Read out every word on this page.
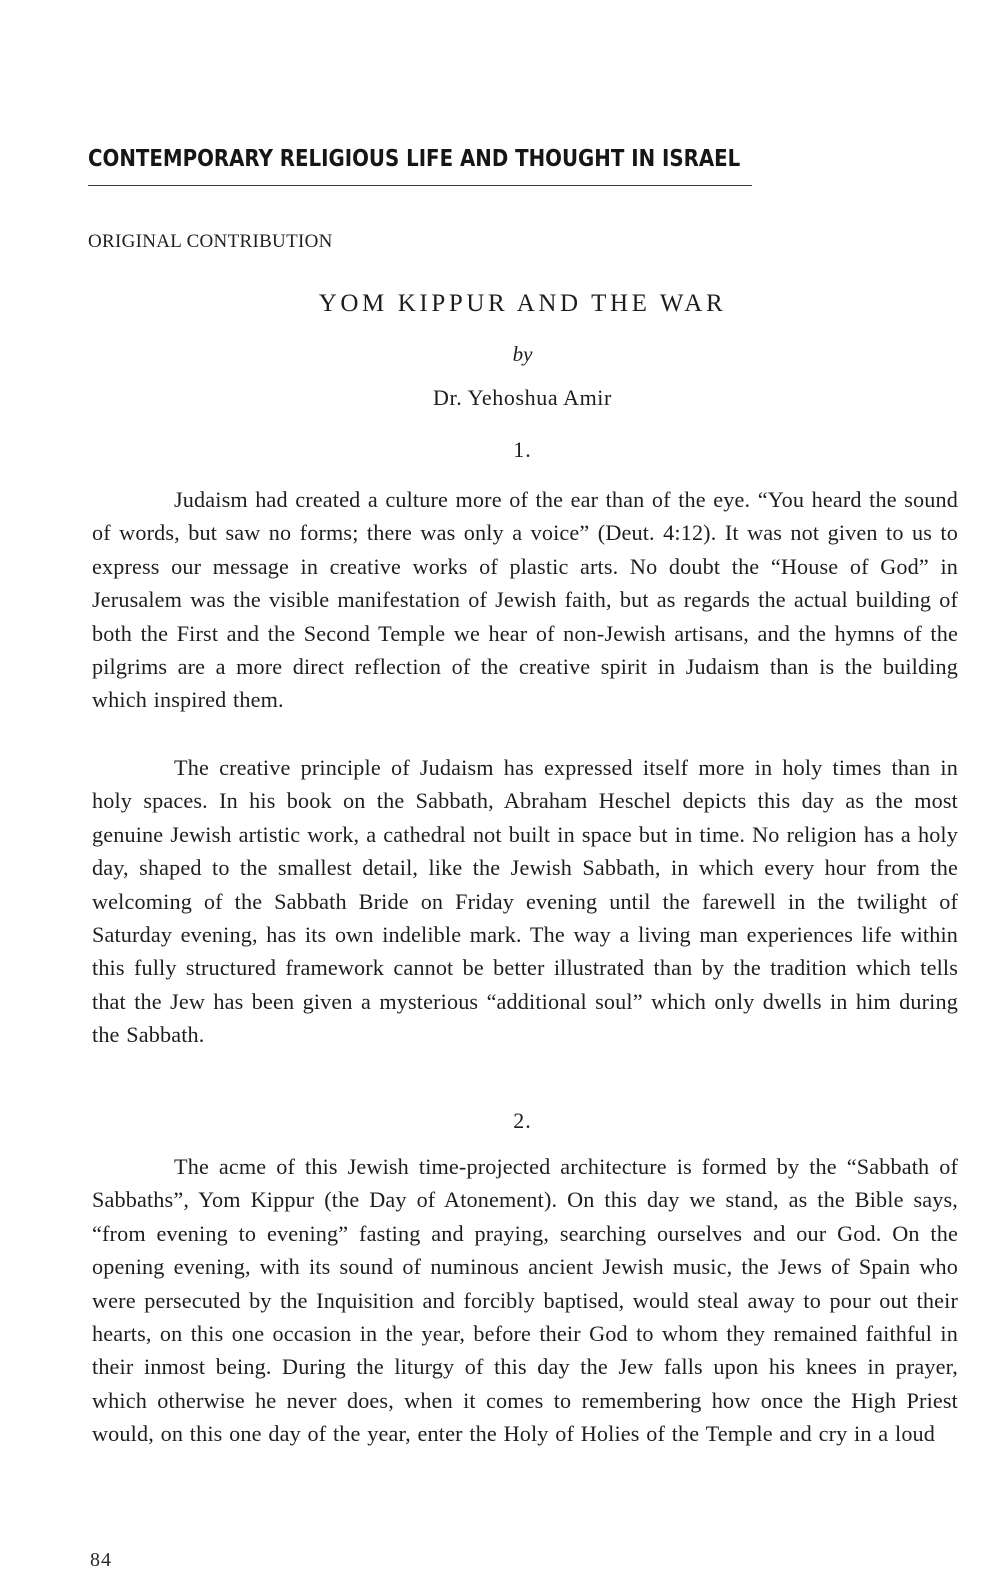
CONTEMPORARY RELIGIOUS LIFE AND THOUGHT IN ISRAEL
ORIGINAL CONTRIBUTION
YOM KIPPUR AND THE WAR
by
Dr. Yehoshua Amir
1.

Judaism had created a culture more of the ear than of the eye. “You heard the sound of words, but saw no forms; there was only a voice” (Deut. 4:12). It was not given to us to express our message in creative works of plastic arts. No doubt the “House of God” in Jerusalem was the visible manifestation of Jewish faith, but as regards the actual building of both the First and the Second Temple we hear of non-Jewish artisans, and the hymns of the pilgrims are a more direct reflection of the creative spirit in Judaism than is the building which inspired them.

The creative principle of Judaism has expressed itself more in holy times than in holy spaces. In his book on the Sabbath, Abraham Heschel depicts this day as the most genuine Jewish artistic work, a cathedral not built in space but in time. No religion has a holy day, shaped to the smallest detail, like the Jewish Sabbath, in which every hour from the welcoming of the Sabbath Bride on Friday evening until the farewell in the twilight of Saturday evening, has its own indelible mark. The way a living man experiences life within this fully structured framework cannot be better illustrated than by the tradition which tells that the Jew has been given a mysterious “additional soul” which only dwells in him during the Sabbath.

2.

The acme of this Jewish time-projected architecture is formed by the “Sabbath of Sabbaths”, Yom Kippur (the Day of Atonement). On this day we stand, as the Bible says, “from evening to evening” fasting and praying, searching ourselves and our God. On the opening evening, with its sound of numinous ancient Jewish music, the Jews of Spain who were persecuted by the Inquisition and forcibly baptised, would steal away to pour out their hearts, on this one occasion in the year, before their God to whom they remained faithful in their inmost being. During the liturgy of this day the Jew falls upon his knees in prayer, which otherwise he never does, when it comes to remembering how once the High Priest would, on this one day of the year, enter the Holy of Holies of the Temple and cry in a loud

84
